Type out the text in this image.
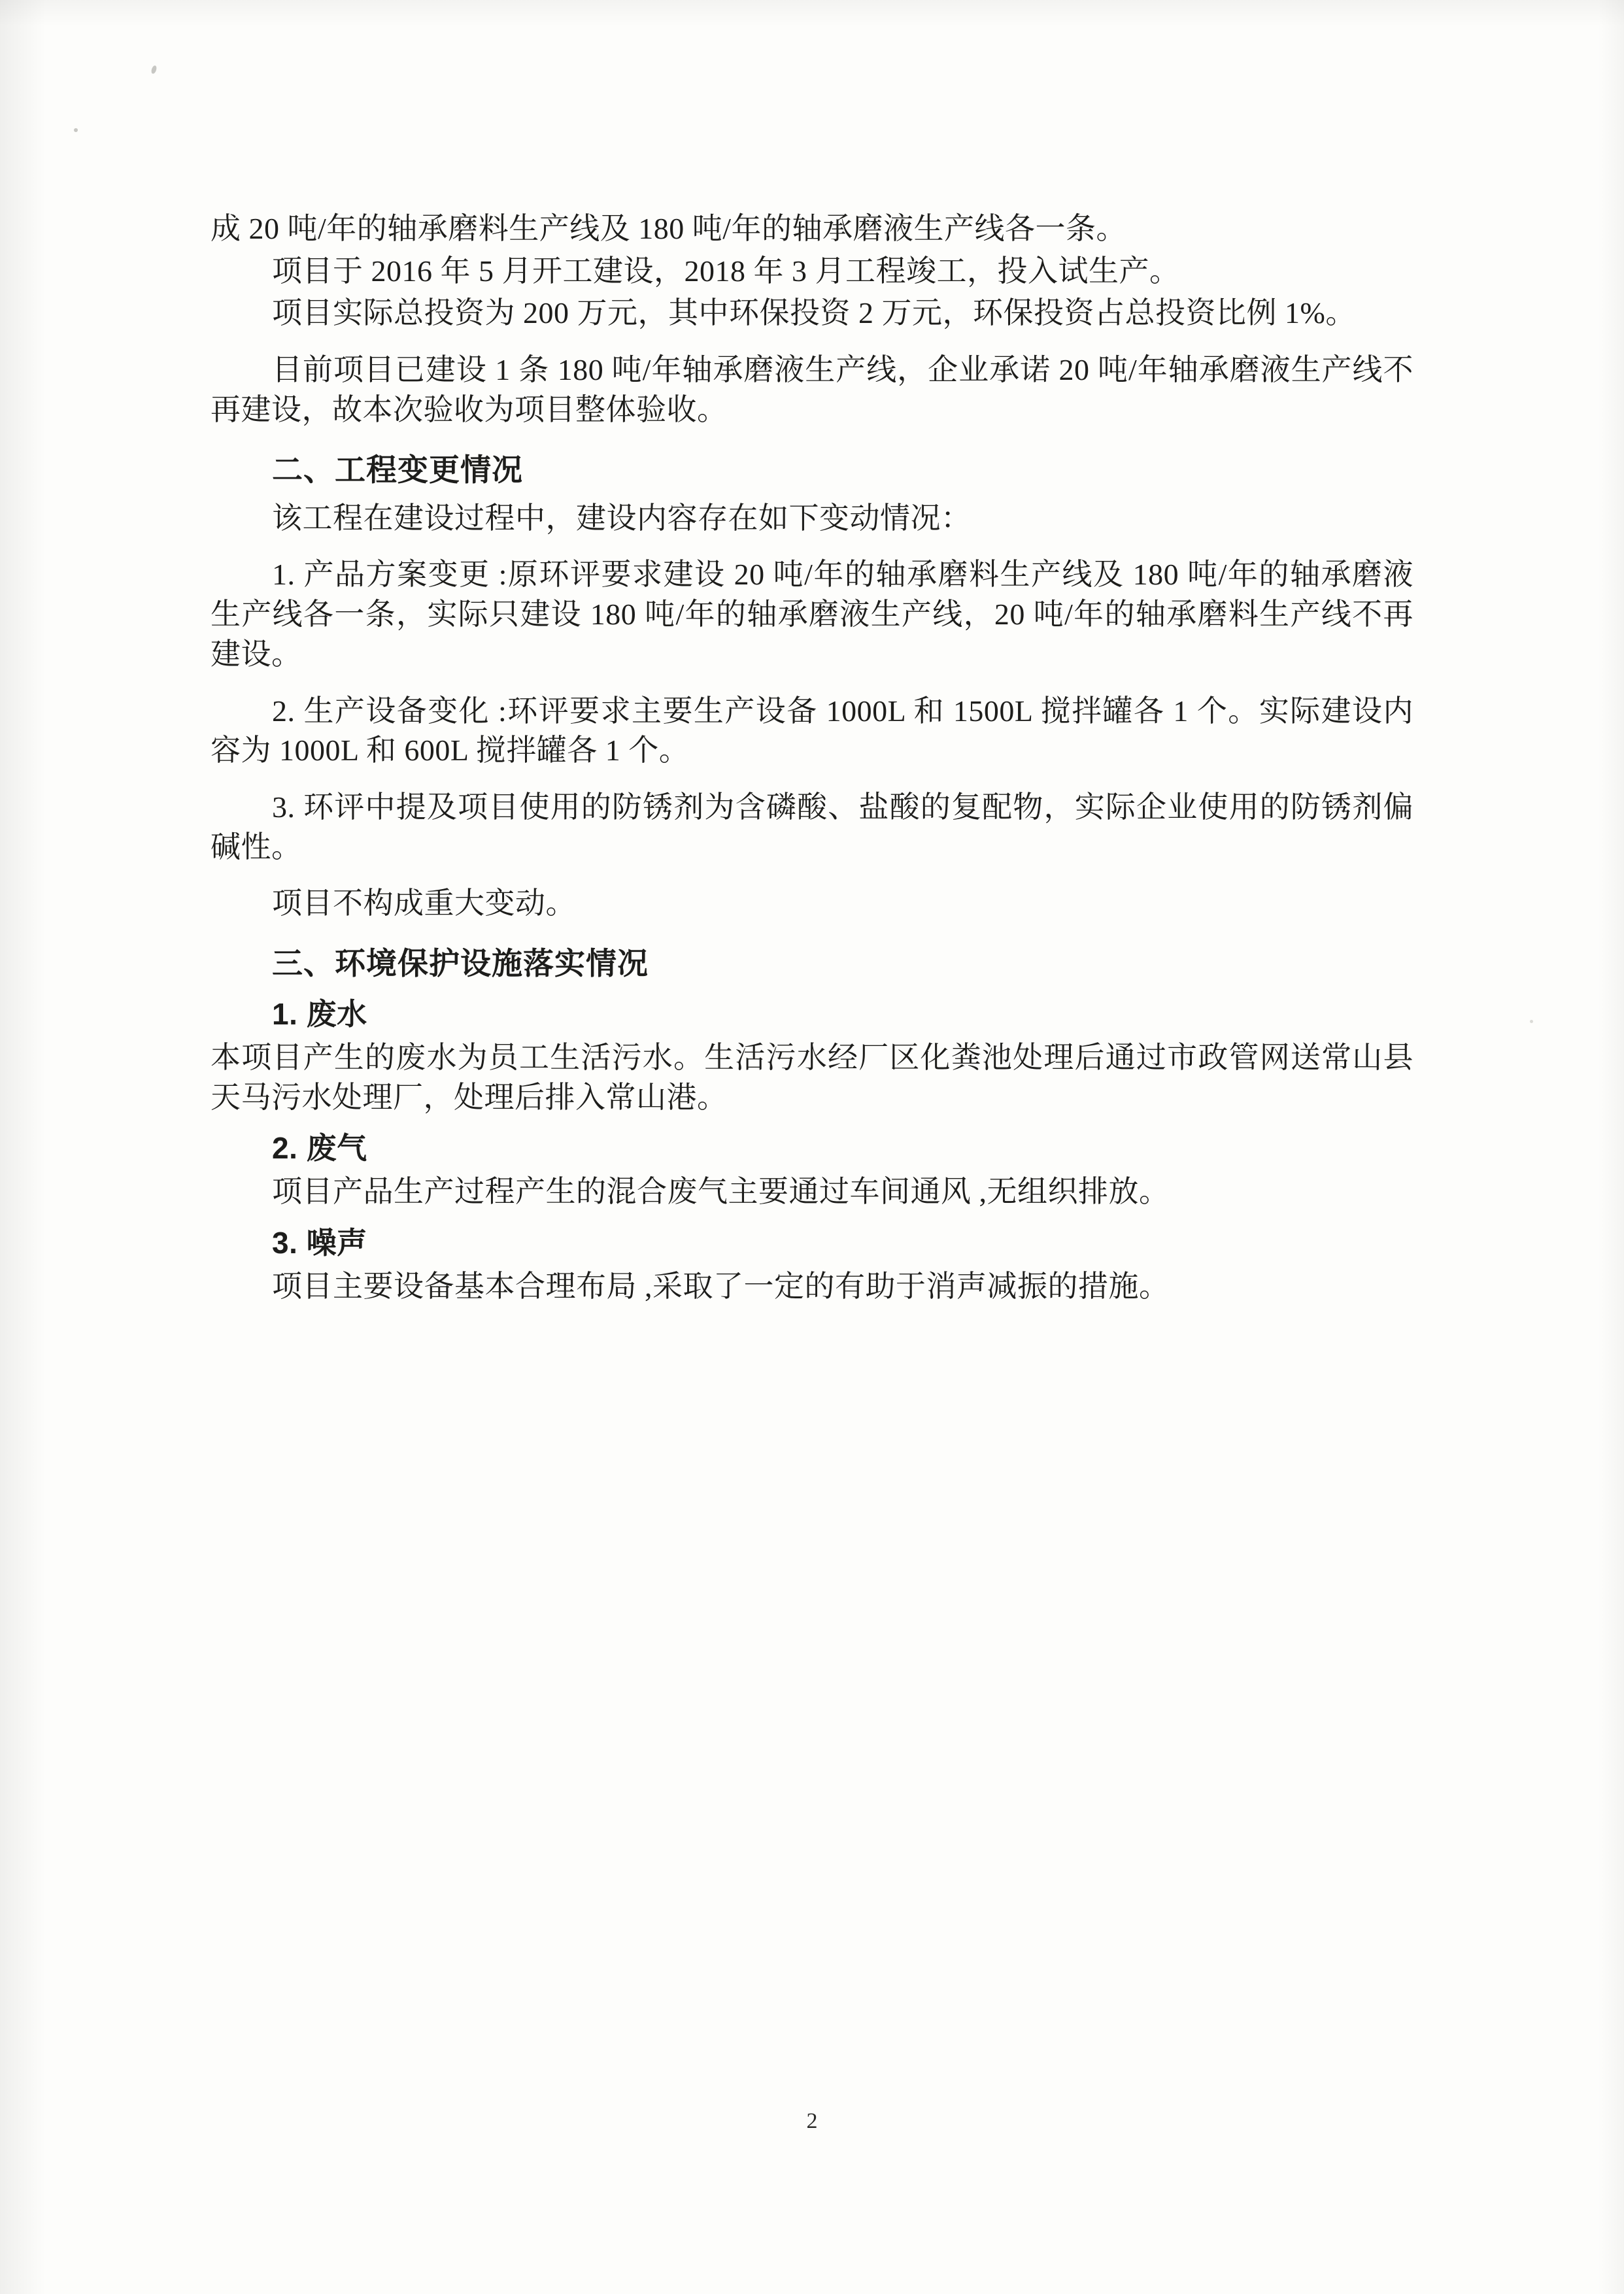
成 20 吨/年的轴承磨料生产线及 180 吨/年的轴承磨液生产线各一条。

项目于 2016 年 5 月开工建设，2018 年 3 月工程竣工，投入试生产。

项目实际总投资为 200 万元，其中环保投资 2 万元，环保投资占总投资比例 1%。

目前项目已建设 1 条 180 吨/年轴承磨液生产线，企业承诺 20 吨/年轴承磨液生产线不再建设，故本次验收为项目整体验收。

二、工程变更情况

该工程在建设过程中，建设内容存在如下变动情况：

1. 产品方案变更 :原环评要求建设 20 吨/年的轴承磨料生产线及 180 吨/年的轴承磨液生产线各一条，实际只建设 180 吨/年的轴承磨液生产线，20 吨/年的轴承磨料生产线不再建设。

2. 生产设备变化 :环评要求主要生产设备 1000L 和 1500L 搅拌罐各 1 个。实际建设内容为 1000L 和 600L 搅拌罐各 1 个。

3. 环评中提及项目使用的防锈剂为含磷酸、盐酸的复配物，实际企业使用的防锈剂偏碱性。

项目不构成重大变动。

三、环境保护设施落实情况

1. 废水

本项目产生的废水为员工生活污水。生活污水经厂区化粪池处理后通过市政管网送常山县天马污水处理厂，处理后排入常山港。

2. 废气

项目产品生产过程产生的混合废气主要通过车间通风 ,无组织排放。

3. 噪声

项目主要设备基本合理布局 ,采取了一定的有助于消声减振的措施。

2
